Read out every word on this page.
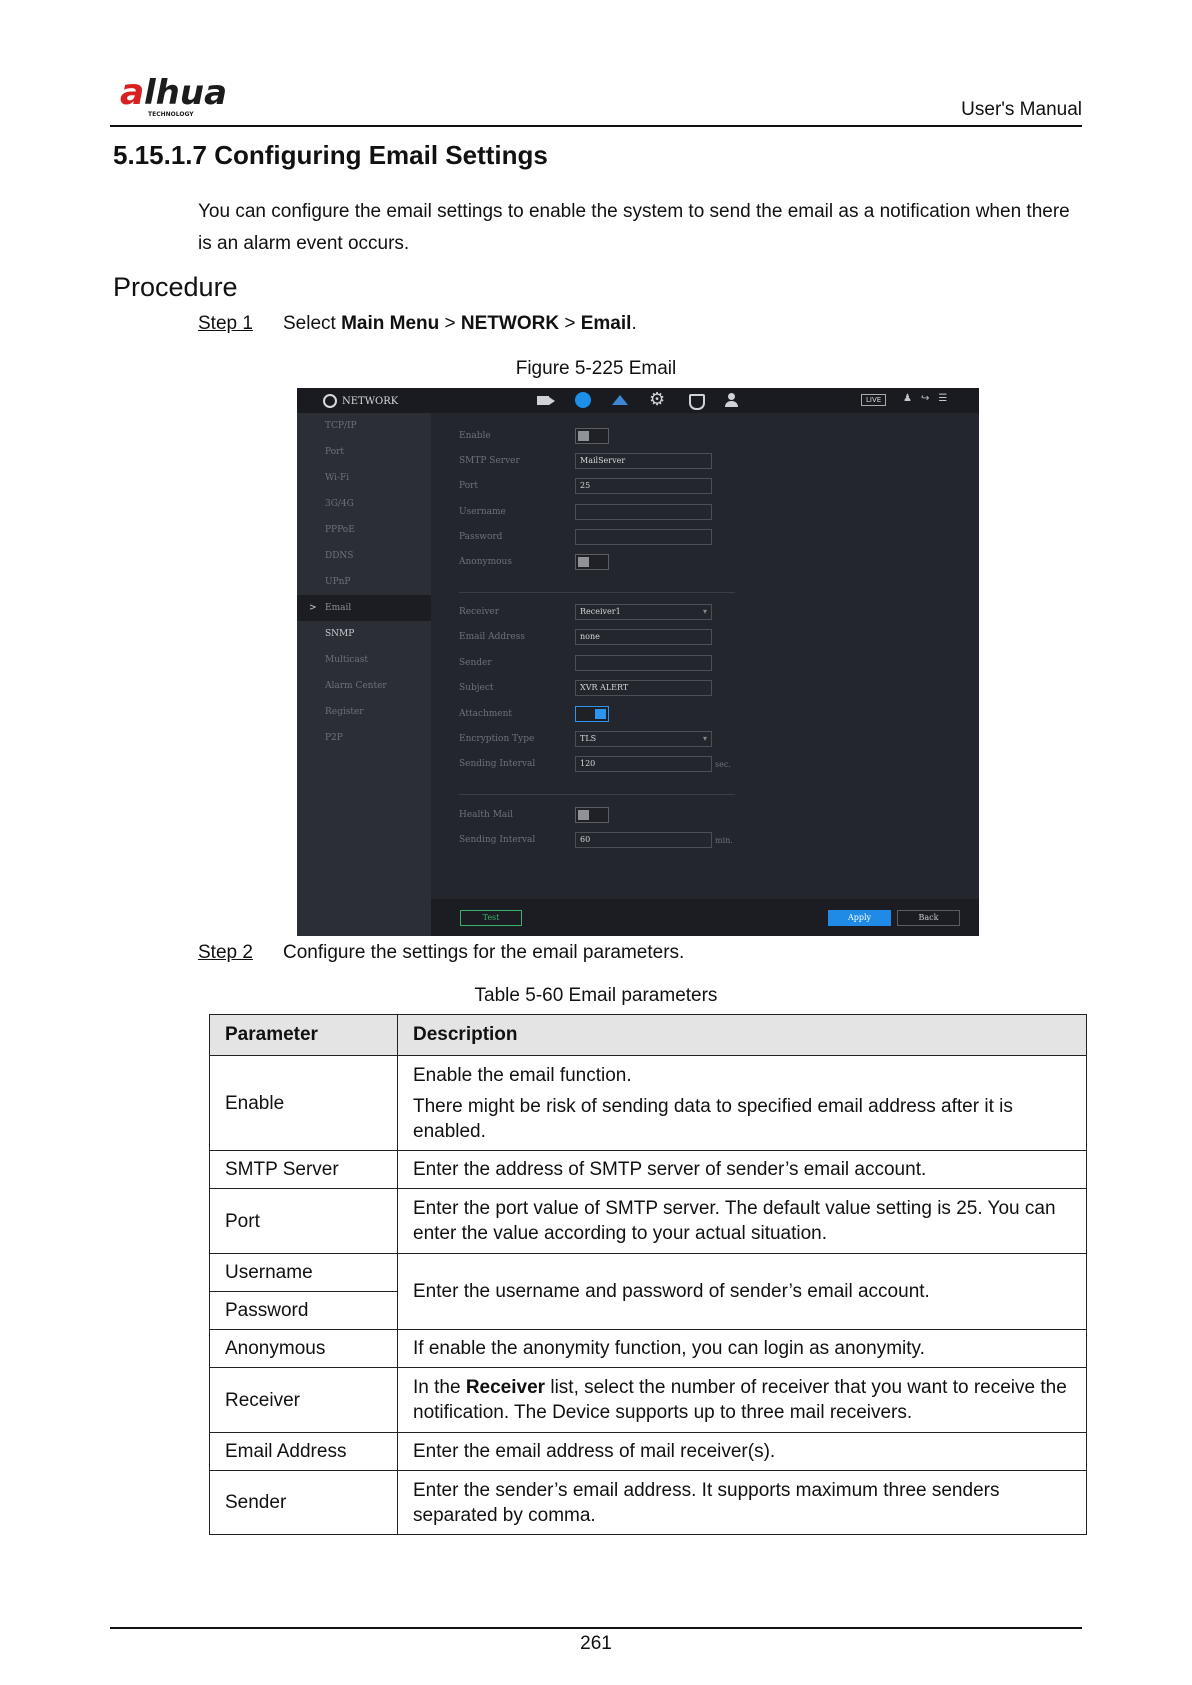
a lhua
TECHNOLOGY	User's Manual
5.15.1.7 Configuring Email Settings

You can configure the email settings to enable the system to send the email as a notification when there is an alarm event occurs.

Procedure
Step 1 Select Main Menu > NETWORK > Email.
Figure 5-225 Email
NETWORK ⚙	LIVE	♟ ↪ ☰
TCP/IP
Port
Wi-Fi
3G/4G
PPPoE
DDNS
UPnP
> Email
SNMP
Multicast
Alarm Center
Register
P2P
Enable
SMTP Server	MailServer
Port	25
Username
Password
Anonymous
Receiver	Receiver1 ▾
Email Address	none
Sender
Subject	XVR ALERT
Attachment
Encryption Type	TLS ▾
Sending Interval	120	sec.
Health Mail
Sending Interval	60	min.
Test	Apply	Back
Step 2 Configure the settings for the email parameters.
Table 5-60 Email parameters
Parameter	Description
Enable	Enable the email function.

There might be risk of sending data to specified email address after it is enabled.

SMTP Server	Enter the address of SMTP server of sender’s email account.
Port	Enter the port value of SMTP server. The default value setting is 25. You can enter the value according to your actual situation.
Username	Enter the username and password of sender’s email account.
Password	
Anonymous	If enable the anonymity function, you can login as anonymity.
Receiver	In the Receiver list, select the number of receiver that you want to receive the notification. The Device supports up to three mail receivers.
Email Address	Enter the email address of mail receiver(s).
Sender	Enter the sender’s email address. It supports maximum three senders separated by comma.
261
